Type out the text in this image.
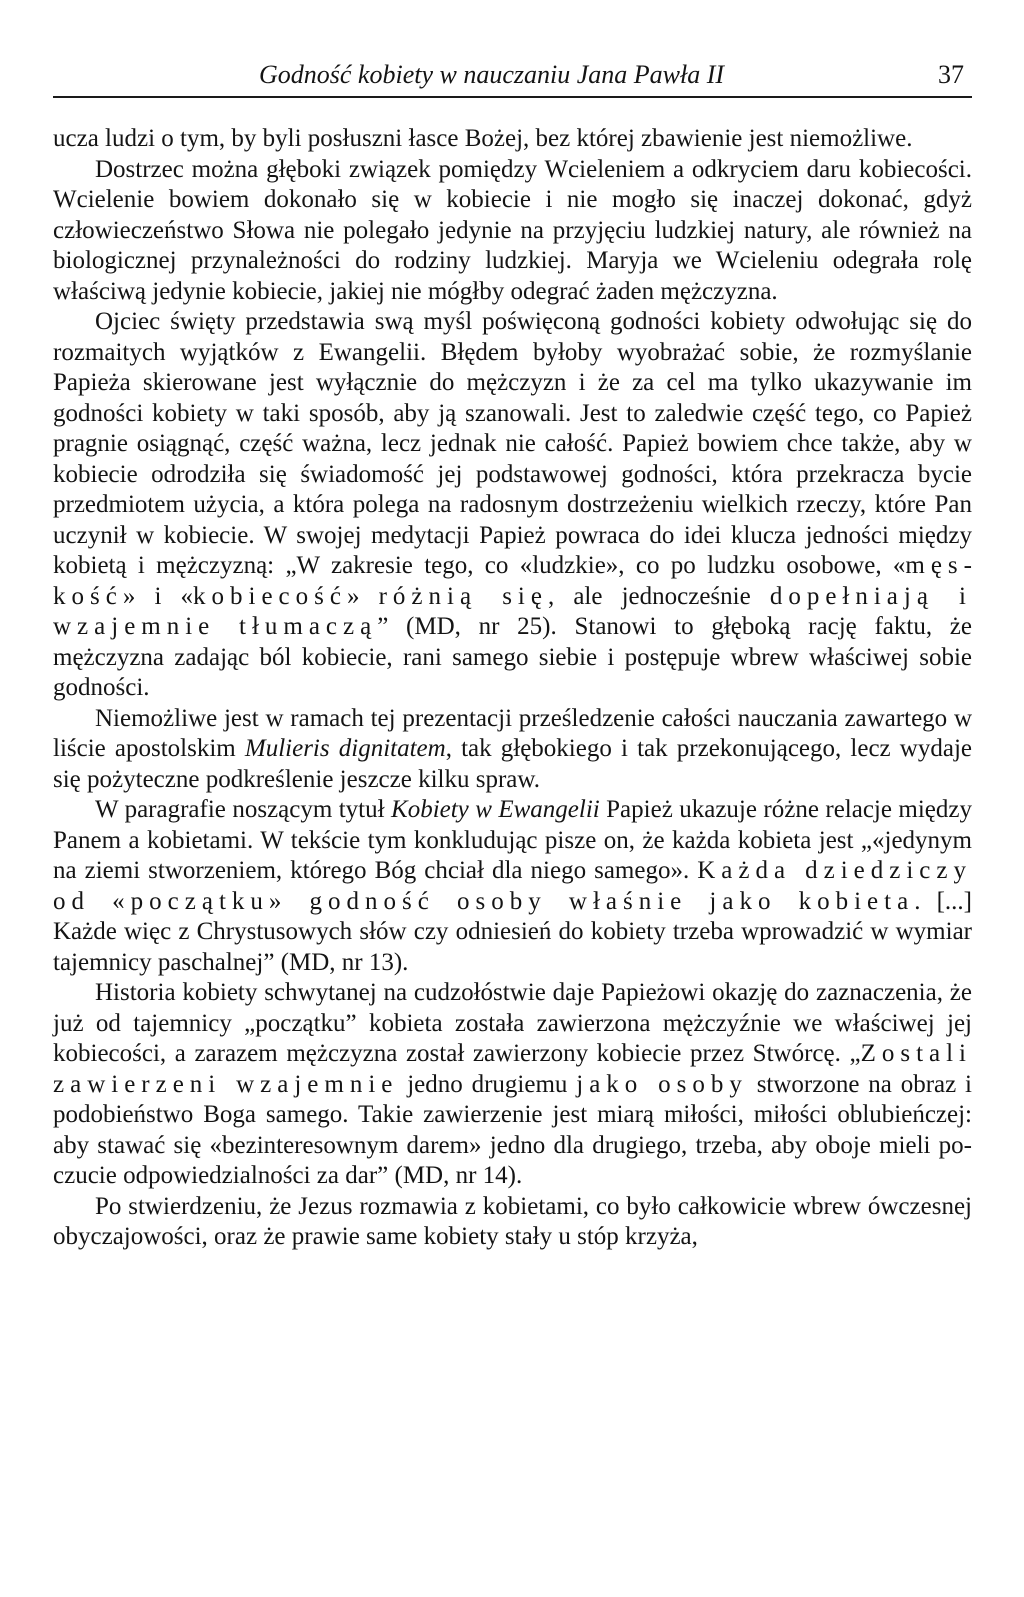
Godność kobiety w nauczaniu Jana Pawła II	37

ucza ludzi o tym, by byli posłuszni łasce Bożej, bez której zbawienie jest niemożliwe.

Dostrzec można głęboki związek pomiędzy Wcieleniem a odkryciem daru kobiecości. Wcielenie bowiem dokonało się w kobiecie i nie mogło się inaczej dokonać, gdyż człowieczeństwo Słowa nie polegało jedynie na przyjęciu ludzkiej natury, ale również na biologicznej przynależności do rodziny ludzkiej. Maryja we Wcieleniu odegrała rolę właściwą jedynie kobiecie, jakiej nie mógłby odegrać żaden mężczyzna.

Ojciec święty przedstawia swą myśl poświęconą godności kobiety odwołując się do rozmaitych wyjątków z Ewangelii. Błędem byłoby wyobrażać sobie, że rozmyślanie Papieża skierowane jest wyłącznie do mężczyzn i że za cel ma tylko ukazywanie im godności kobiety w taki sposób, aby ją szanowali. Jest to zaledwie część tego, co Papież pragnie osiągnąć, część ważna, lecz jednak nie całość. Papież bowiem chce także, aby w kobiecie odrodziła się świadomość jej podstawowej godności, która przekracza bycie przedmiotem użycia, a która polega na radosnym dostrzeżeniu wielkich rzeczy, które Pan uczynił w kobiecie. W swojej medytacji Papież powraca do idei klucza jedności między kobietą i mężczyzną: „W zakresie tego, co «ludzkie», co po ludzku osobowe, «męskość» i «kobiecość» różnią się, ale jednocześnie dopełniają i wzajemnie tłumaczą” (MD, nr 25). Stanowi to głęboką rację faktu, że mężczyzna zadając ból kobiecie, rani samego siebie i postępuje wbrew właściwej sobie godności.

Niemożliwe jest w ramach tej prezentacji prześledzenie całości nauczania zawartego w liście apostolskim Mulieris dignitatem, tak głębokiego i tak przekonującego, lecz wydaje się pożyteczne podkreślenie jeszcze kilku spraw.

W paragrafie noszącym tytuł Kobiety w Ewangelii Papież ukazuje różne relacje między Panem a kobietami. W tekście tym konkludując pisze on, że każda kobieta jest „«jedynym na ziemi stworzeniem, którego Bóg chciał dla niego samego». Każda dziedziczy od «początku» godność osoby właśnie jako kobieta. [...] Każde więc z Chrystusowych słów czy odniesień do kobiety trzeba wprowadzić w wymiar tajemnicy paschalnej” (MD, nr 13).

Historia kobiety schwytanej na cudzołóstwie daje Papieżowi okazję do zaznaczenia, że już od tajemnicy „początku” kobieta została zawierzona mężczyźnie we właściwej jej kobiecości, a zarazem mężczyzna został zawierzony kobiecie przez Stwórcę. „Zostali zawierzeni wzajemnie jedno drugiemu jako osoby stworzone na obraz i podobieństwo Boga samego. Takie zawierzenie jest miarą miłości, miłości oblubieńczej: aby stawać się «bezinteresownym darem» jedno dla drugiego, trzeba, aby oboje mieli poczucie odpowiedzialności za dar” (MD, nr 14).

Po stwierdzeniu, że Jezus rozmawia z kobietami, co było całkowicie wbrew ówczesnej obyczajowości, oraz że prawie same kobiety stały u stóp krzyża,
